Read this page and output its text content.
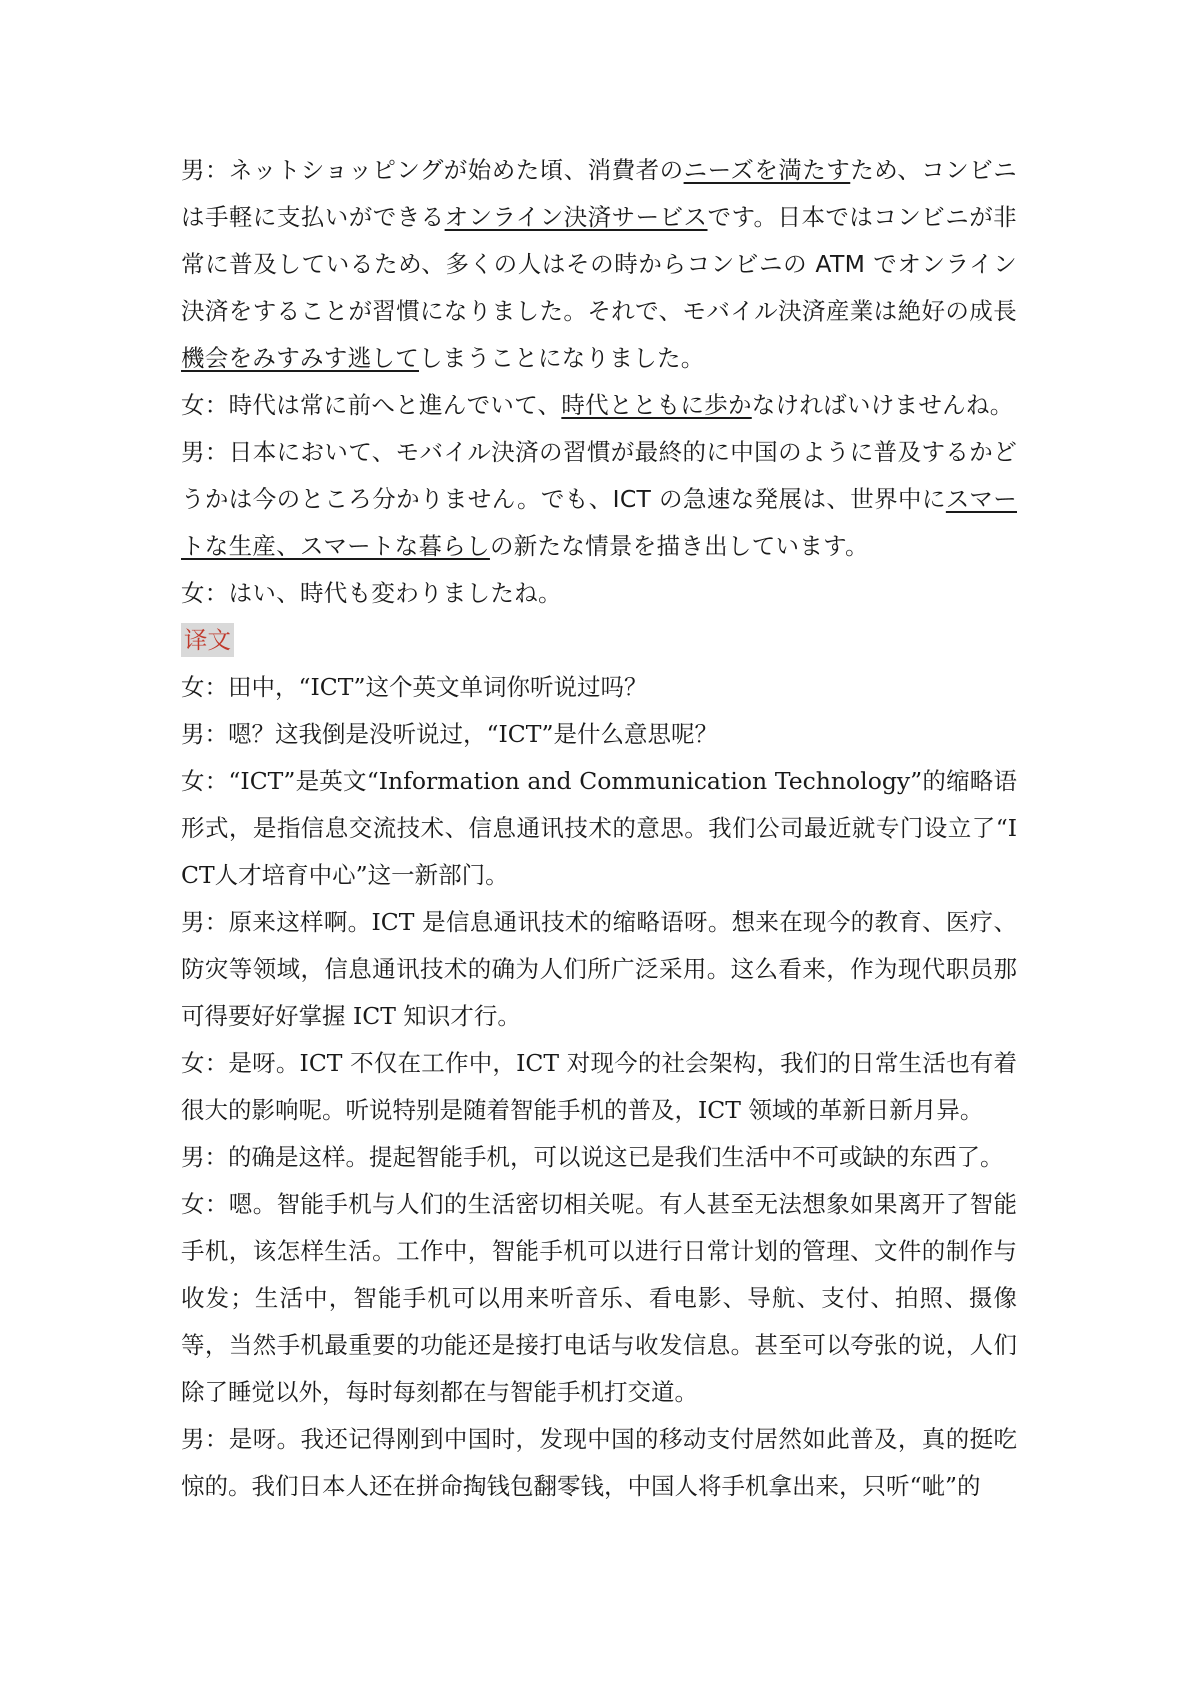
男：ネットショッピングが始めた頃、消費者のニーズを満たすため、コンビニは手軽に支払いができるオンライン決済サービスです。日本ではコンビニが非常に普及しているため、多くの人はその時からコンビニの ATM でオンライン決済をすることが習慣になりました。それで、モバイル決済産業は絶好の成長機会をみすみす逃してしまうことになりました。

女：時代は常に前へと進んでいて、時代とともに歩かなければいけませんね。

男：日本において、モバイル決済の習慣が最終的に中国のように普及するかどうかは今のところ分かりません。でも、ICT の急速な発展は、世界中にスマートな生産、スマートな暮らしの新たな情景を描き出しています。

女：はい、時代も変わりましたね。

译文

女：田中，“ICT”这个英文单词你听说过吗？

男：嗯？这我倒是没听说过，“ICT”是什么意思呢？

女：“ICT”是英文“Information and Communication Technology”的缩略语形式，是指信息交流技术、信息通讯技术的意思。我们公司最近就专门设立了“ICT人才培育中心”这一新部门。

男：原来这样啊。ICT 是信息通讯技术的缩略语呀。想来在现今的教育、医疗、防灾等领域，信息通讯技术的确为人们所广泛采用。这么看来，作为现代职员那可得要好好掌握 ICT 知识才行。

女：是呀。ICT 不仅在工作中，ICT 对现今的社会架构，我们的日常生活也有着很大的影响呢。听说特别是随着智能手机的普及，ICT 领域的革新日新月异。

男：的确是这样。提起智能手机，可以说这已是我们生活中不可或缺的东西了。

女：嗯。智能手机与人们的生活密切相关呢。有人甚至无法想象如果离开了智能手机，该怎样生活。工作中，智能手机可以进行日常计划的管理、文件的制作与收发；生活中，智能手机可以用来听音乐、看电影、导航、支付、拍照、摄像等，当然手机最重要的功能还是接打电话与收发信息。甚至可以夸张的说，人们除了睡觉以外，每时每刻都在与智能手机打交道。

男：是呀。我还记得刚到中国时，发现中国的移动支付居然如此普及，真的挺吃惊的。我们日本人还在拼命掏钱包翻零钱，中国人将手机拿出来，只听“呲”的
